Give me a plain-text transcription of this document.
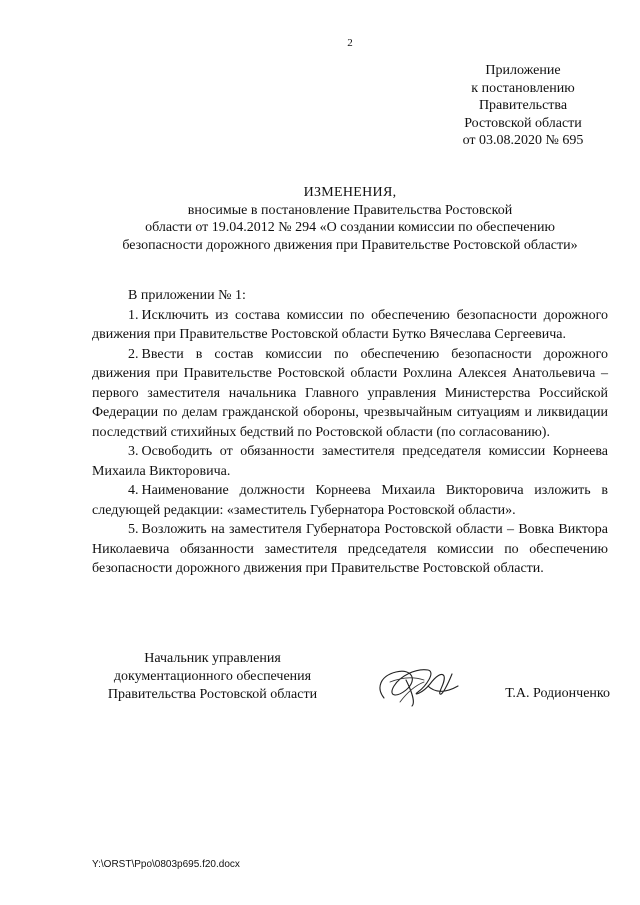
2
Приложение
к постановлению
Правительства
Ростовской области
от 03.08.2020 № 695
ИЗМЕНЕНИЯ,
вносимые в постановление Правительства Ростовской
области от 19.04.2012 № 294 «О создании комиссии по обеспечению
безопасности дорожного движения при Правительстве Ростовской области»

В приложении № 1:

1. Исключить из состава комиссии по обеспечению безопасности дорожного движения при Правительстве Ростовской области Бутко Вячеслава Сергеевича.

2. Ввести в состав комиссии по обеспечению безопасности дорожного движения при Правительстве Ростовской области Рохлина Алексея Анатольевича – первого заместителя начальника Главного управления Министерства Российской Федерации по делам гражданской обороны, чрезвычайным ситуациям и ликвидации последствий стихийных бедствий по Ростовской области (по согласованию).

3. Освободить от обязанности заместителя председателя комиссии Корнеева Михаила Викторовича.

4. Наименование должности Корнеева Михаила Викторовича изложить в следующей редакции: «заместитель Губернатора Ростовской области».

5. Возложить на заместителя Губернатора Ростовской области – Вовка Виктора Николаевича обязанности заместителя председателя комиссии по обеспечению безопасности дорожного движения при Правительстве Ростовской области.

Начальник управления
документационного обеспечения
Правительства Ростовской области	Т.А. Родионченко
Y:\ORST\Ppo\0803p695.f20.docx
